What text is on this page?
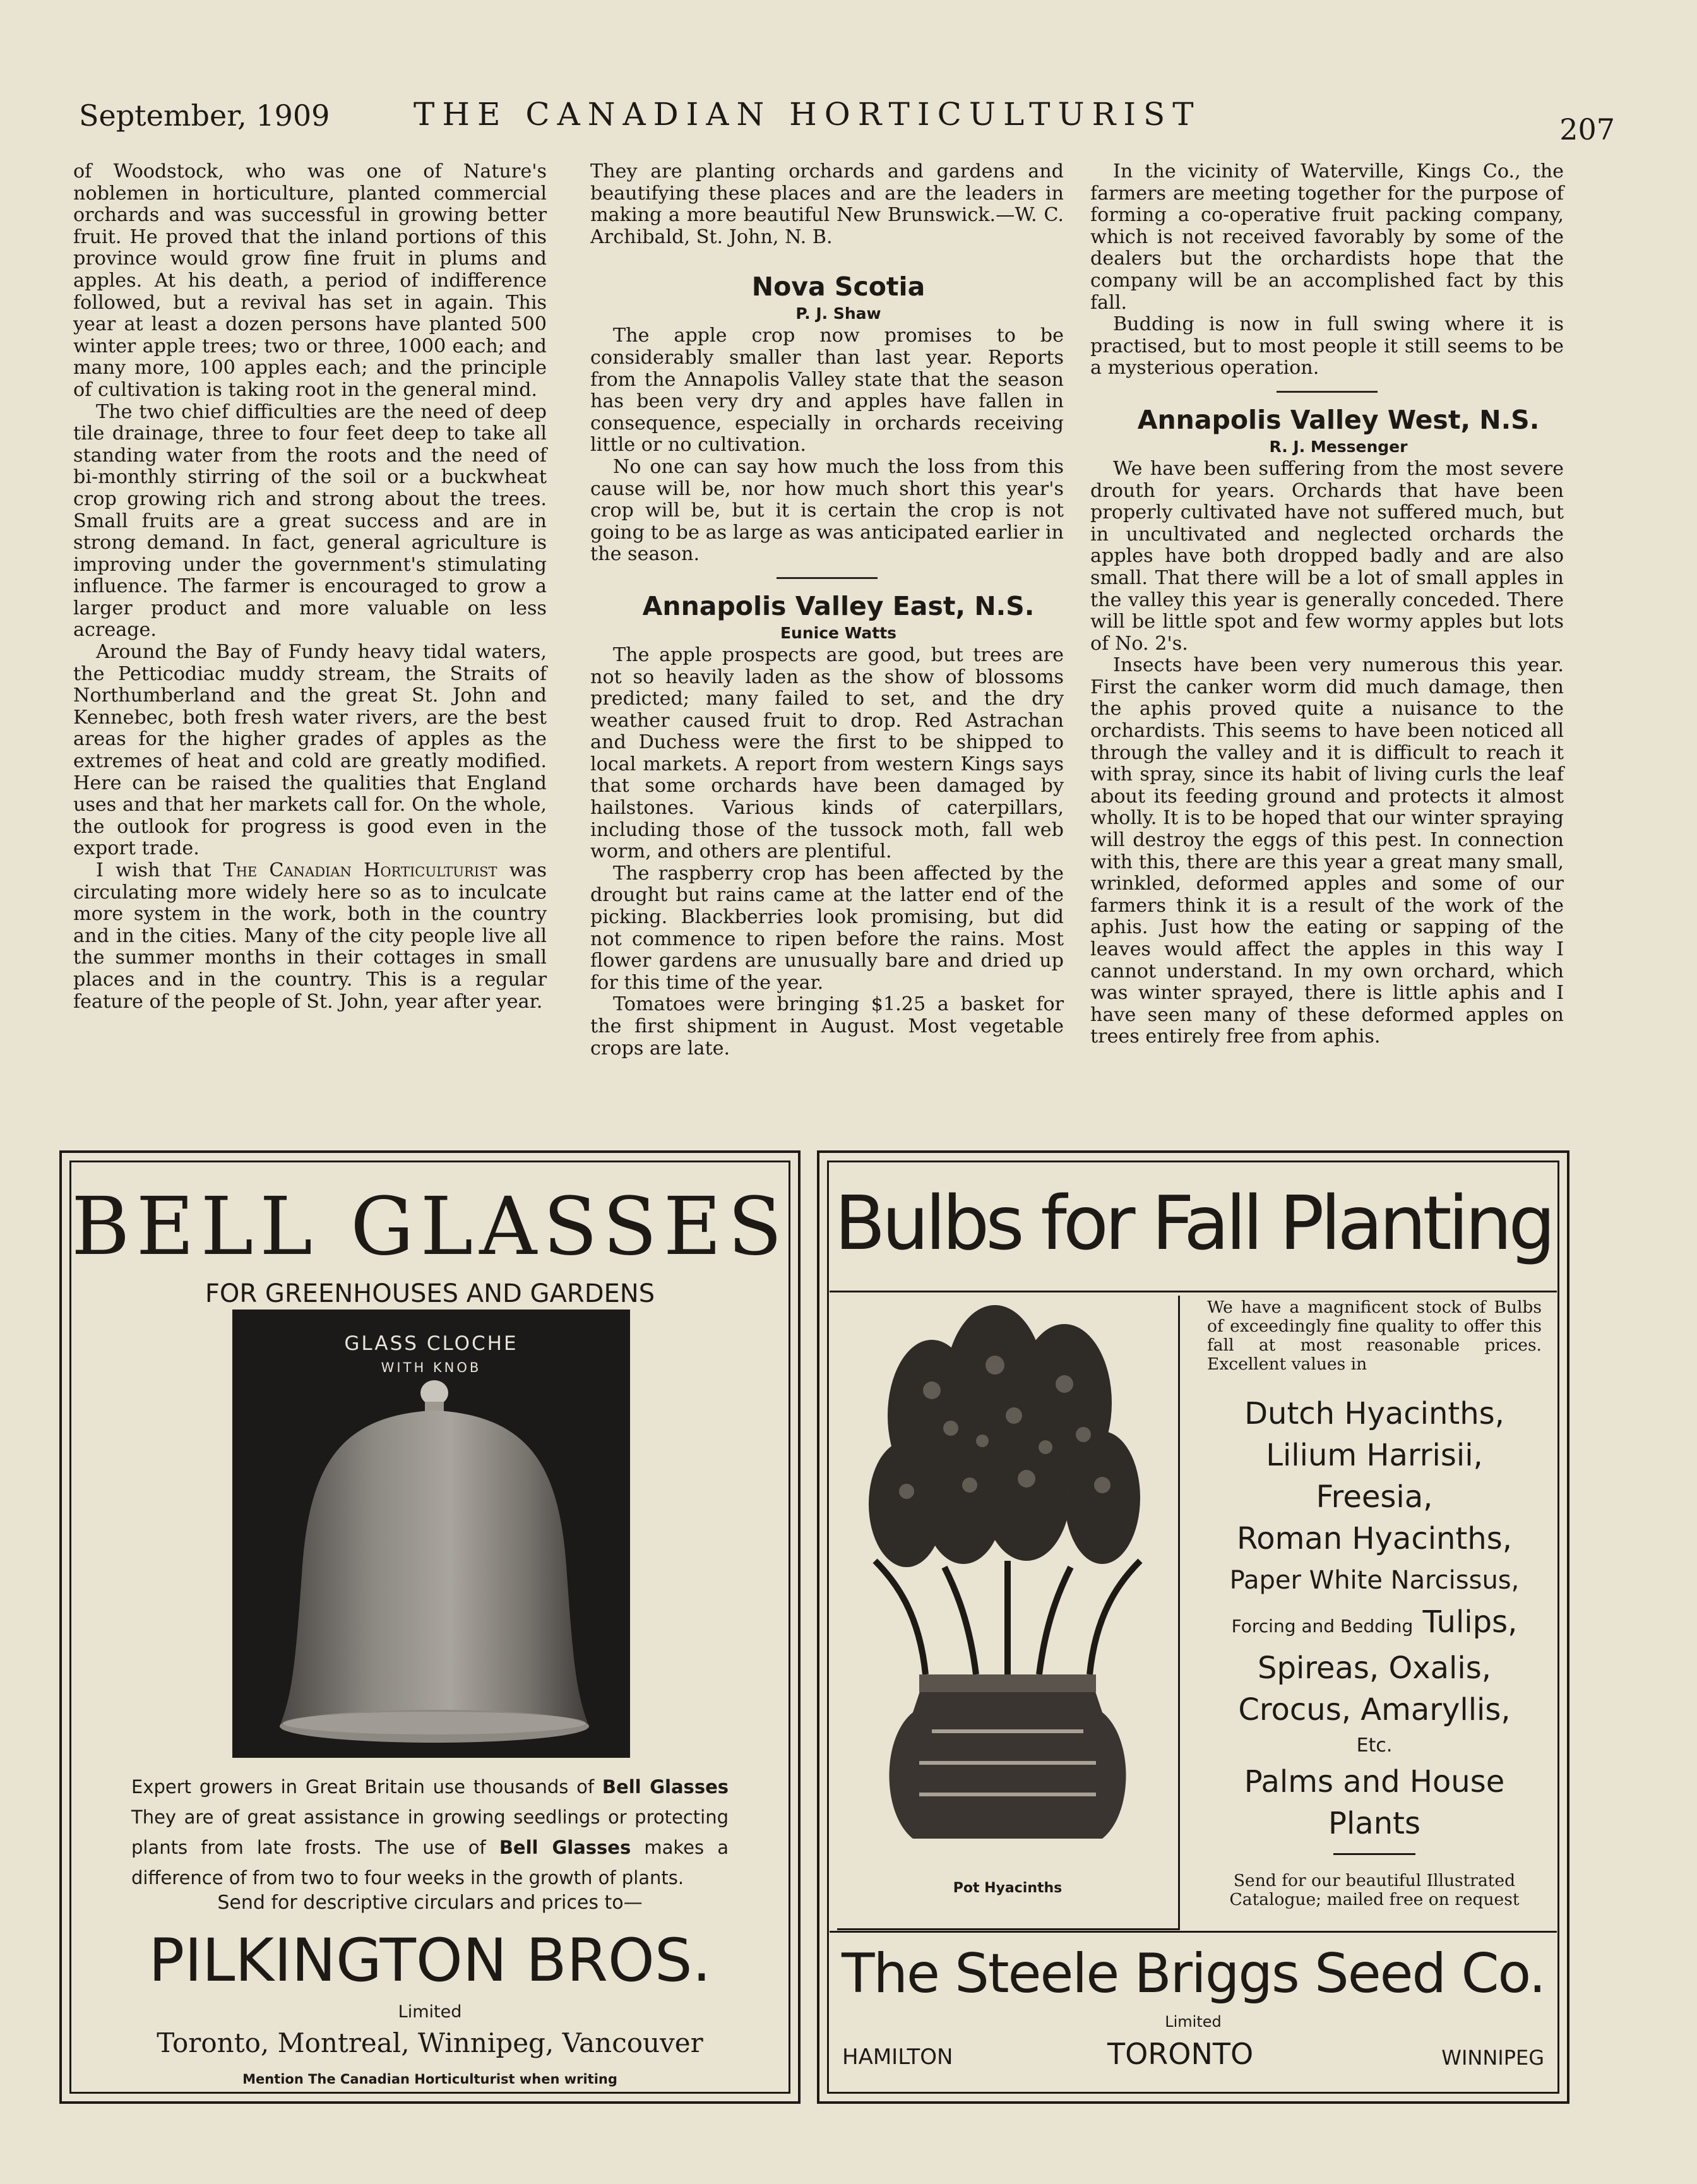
September, 1909	THE CANADIAN HORTICULTURIST	207

of Woodstock, who was one of Nature's noblemen in horticulture, planted commercial orchards and was successful in growing better fruit. He proved that the inland portions of this province would grow fine fruit in plums and apples. At his death, a period of indifference followed, but a revival has set in again. This year at least a dozen persons have planted 500 winter apple trees; two or three, 1000 each; and many more, 100 apples each; and the principle of cultivation is taking root in the general mind.

The two chief difficulties are the need of deep tile drainage, three to four feet deep to take all standing water from the roots and the need of bi-monthly stirring of the soil or a buckwheat crop growing rich and strong about the trees. Small fruits are a great success and are in strong demand. In fact, general agriculture is improving under the government's stimulating influence. The farmer is encouraged to grow a larger product and more valuable on less acreage.

Around the Bay of Fundy heavy tidal waters, the Petticodiac muddy stream, the Straits of Northumberland and the great St. John and Kennebec, both fresh water rivers, are the best areas for the higher grades of apples as the extremes of heat and cold are greatly modified. Here can be raised the qualities that England uses and that her markets call for. On the whole, the outlook for progress is good even in the export trade.

I wish that The Canadian Horticulturist was circulating more widely here so as to inculcate more system in the work, both in the country and in the cities. Many of the city people live all the summer months in their cottages in small places and in the country. This is a regular feature of the people of St. John, year after year.

They are planting orchards and gardens and beautifying these places and are the leaders in making a more beautiful New Brunswick.—W. C. Archibald, St. John, N. B.

Nova Scotia

P. J. Shaw

The apple crop now promises to be considerably smaller than last year. Reports from the Annapolis Valley state that the season has been very dry and apples have fallen in consequence, especially in orchards receiving little or no cultivation.

No one can say how much the loss from this cause will be, nor how much short this year's crop will be, but it is certain the crop is not going to be as large as was anticipated earlier in the season.

Annapolis Valley East, N.S.

Eunice Watts

The apple prospects are good, but trees are not so heavily laden as the show of blossoms predicted; many failed to set, and the dry weather caused fruit to drop. Red Astrachan and Duchess were the first to be shipped to local markets. A report from western Kings says that some orchards have been damaged by hailstones. Various kinds of caterpillars, including those of the tussock moth, fall web worm, and others are plentiful.

The raspberry crop has been affected by the drought but rains came at the latter end of the picking. Blackberries look promising, but did not commence to ripen before the rains. Most flower gardens are unusually bare and dried up for this time of the year.

Tomatoes were bringing $1.25 a basket for the first shipment in August. Most vegetable crops are late.

In the vicinity of Waterville, Kings Co., the farmers are meeting together for the purpose of forming a co-operative fruit packing company, which is not received favorably by some of the dealers but the orchardists hope that the company will be an accomplished fact by this fall.

Budding is now in full swing where it is practised, but to most people it still seems to be a mysterious operation.

Annapolis Valley West, N.S.

R. J. Messenger

We have been suffering from the most severe drouth for years. Orchards that have been properly cultivated have not suffered much, but in uncultivated and neglected orchards the apples have both dropped badly and are also small. That there will be a lot of small apples in the valley this year is generally conceded. There will be little spot and few wormy apples but lots of No. 2's.

Insects have been very numerous this year. First the canker worm did much damage, then the aphis proved quite a nuisance to the orchardists. This seems to have been noticed all through the valley and it is difficult to reach it with spray, since its habit of living curls the leaf about its feeding ground and protects it almost wholly. It is to be hoped that our winter spraying will destroy the eggs of this pest. In connection with this, there are this year a great many small, wrinkled, deformed apples and some of our farmers think it is a result of the work of the aphis. Just how the eating or sapping of the leaves would affect the apples in this way I cannot understand. In my own orchard, which was winter sprayed, there is little aphis and I have seen many of these deformed apples on trees entirely free from aphis.

BELL GLASSES
FOR GREENHOUSES AND GARDENS
GLASS CLOCHE
WITH KNOB
Expert growers in Great Britain use thousands of Bell Glasses They are of great assistance in growing seedlings or protecting plants from late frosts. The use of Bell Glasses makes a difference of from two to four weeks in the growth of plants.
Send for descriptive circulars and prices to—
PILKINGTON BROS.
Limited
Toronto, Montreal, Winnipeg, Vancouver
Mention The Canadian Horticulturist when writing
Bulbs for Fall Planting
Pot Hyacinths
We have a magnificent stock of Bulbs of exceedingly fine quality to offer this fall at most reasonable prices. Excellent values in
Dutch Hyacinths,
Lilium Harrisii,
Freesia,
Roman Hyacinths,
Paper White Narcissus,
Forcing and Bedding Tulips,
Spireas, Oxalis,
Crocus, Amaryllis,
Etc.
Palms and House
Plants
Send for our beautiful Illustrated Catalogue; mailed free on request
The Steele Briggs Seed Co.
Limited
HAMILTON	TORONTO	WINNIPEG
